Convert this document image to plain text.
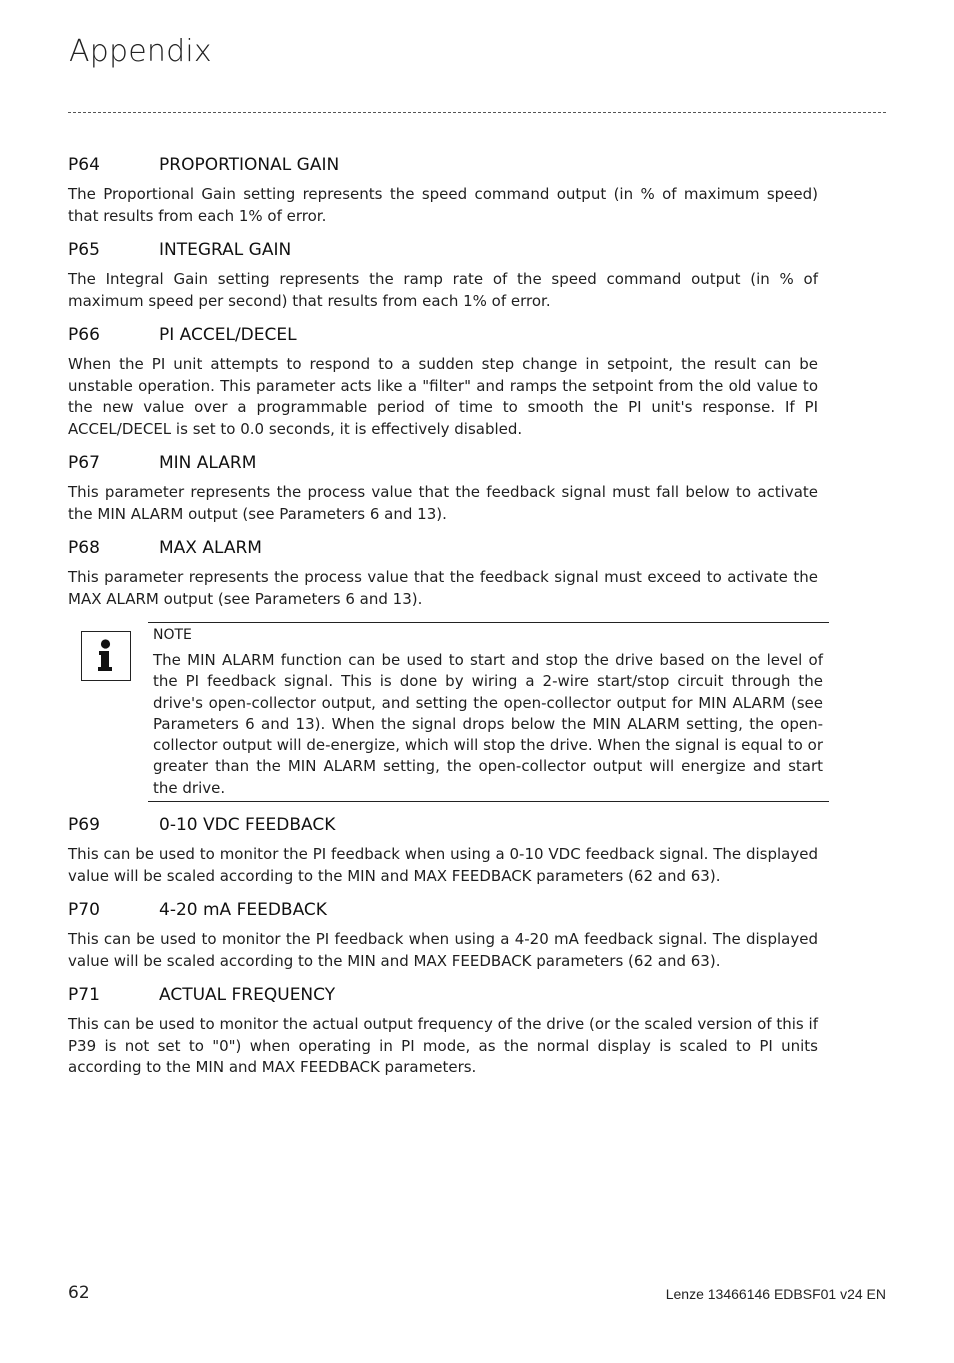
Appendix
P64	PROPORTIONAL GAIN

The Proportional Gain setting represents the speed command output (in % of maximum speed) that results from each 1% of error.

P65	INTEGRAL GAIN

The Integral Gain setting represents the ramp rate of the speed command output (in % of maximum speed per second) that results from each 1% of error.

P66	PI ACCEL/DECEL

When the PI unit attempts to respond to a sudden step change in setpoint, the result can be unstable operation. This parameter acts like a "filter" and ramps the setpoint from the old value to the new value over a programmable period of time to smooth the PI unit's response. If PI ACCEL/DECEL is set to 0.0 seconds, it is effectively disabled.

P67	MIN ALARM

This parameter represents the process value that the feedback signal must fall below to activate the MIN ALARM output (see Parameters 6 and 13).

P68	MAX ALARM

This parameter represents the process value that the feedback signal must exceed to activate the MAX ALARM output (see Parameters 6 and 13).

NOTE
The MIN ALARM function can be used to start and stop the drive based on the level of the PI feedback signal. This is done by wiring a 2-wire start/stop circuit through the drive's open-collector output, and setting the open-collector output for MIN ALARM (see Parameters 6 and 13). When the signal drops below the MIN ALARM setting, the open-collector output will de-energize, which will stop the drive. When the signal is equal to or greater than the MIN ALARM setting, the open-collector output will energize and start the drive.
P69	0-10 VDC FEEDBACK

This can be used to monitor the PI feedback when using a 0-10 VDC feedback signal. The displayed value will be scaled according to the MIN and MAX FEEDBACK parameters (62 and 63).

P70	4-20 mA FEEDBACK

This can be used to monitor the PI feedback when using a 4-20 mA feedback signal. The displayed value will be scaled according to the MIN and MAX FEEDBACK parameters (62 and 63).

P71	ACTUAL FREQUENCY

This can be used to monitor the actual output frequency of the drive (or the scaled version of this if P39 is not set to "0") when operating in PI mode, as the normal display is scaled to PI units according to the MIN and MAX FEEDBACK parameters.

62	Lenze 13466146 EDBSF01 v24 EN
